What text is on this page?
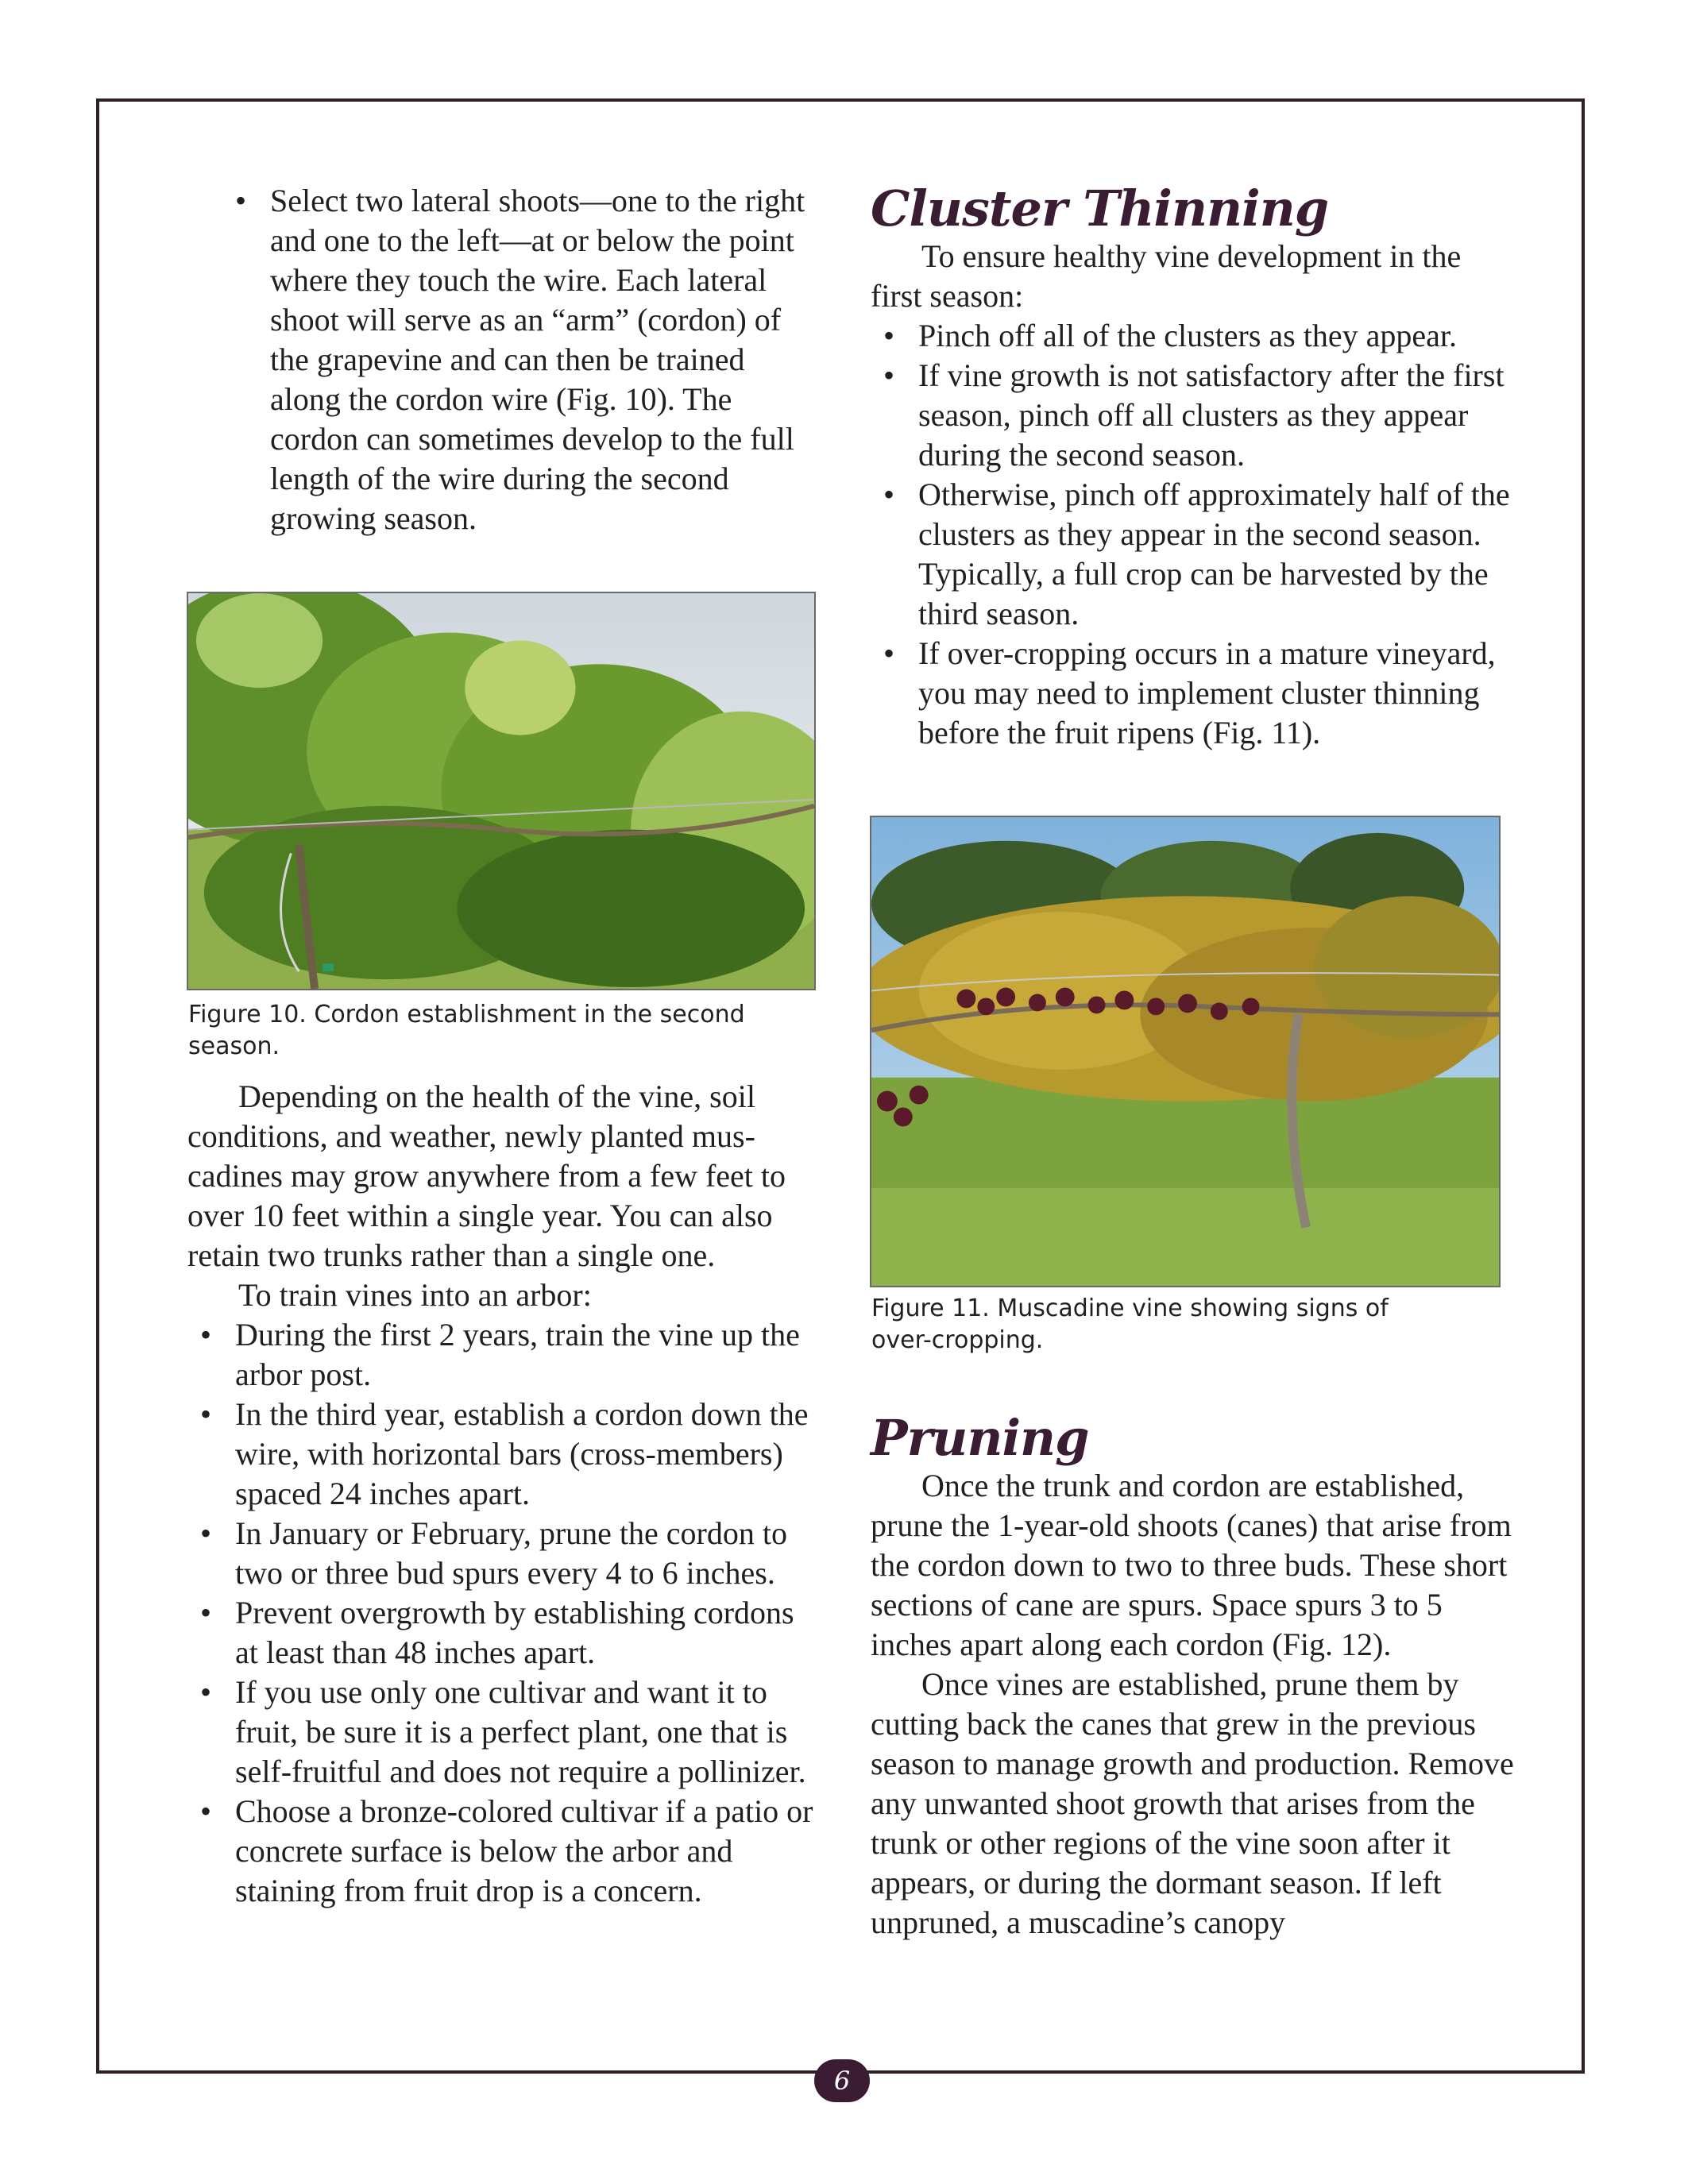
• Select two lateral shoots—one to the right and one to the left—at or below the point where they touch the wire. Each lateral shoot will serve as an “arm” (cordon) of the grapevine and can then be trained along the cordon wire (Fig. 10). The cordon can sometimes develop to the full length of the wire during the second growing season.
Figure 10. Cordon establishment in the second season.

Depending on the health of the vine, soil conditions, and weather, newly planted muscadines may grow anywhere from a few feet to over 10 feet within a single year. You can also retain two trunks rather than a single one.

To train vines into an arbor:

• During the first 2 years, train the vine up the arbor post.
• In the third year, establish a cordon down the wire, with horizontal bars (cross-members) spaced 24 inches apart.
• In January or February, prune the cordon to two or three bud spurs every 4 to 6 inches.
• Prevent overgrowth by establishing cordons at least than 48 inches apart.
• If you use only one cultivar and want it to fruit, be sure it is a perfect plant, one that is self-fruitful and does not require a pollinizer.
• Choose a bronze-colored cultivar if a patio or concrete surface is below the arbor and staining from fruit drop is a concern.
Cluster Thinning

To ensure healthy vine development in the first season:

• Pinch off all of the clusters as they appear.
• If vine growth is not satisfactory after the first season, pinch off all clusters as they appear during the second season.
• Otherwise, pinch off approximately half of the clusters as they appear in the second season. Typically, a full crop can be harvested by the third season.
• If over-cropping occurs in a mature vineyard, you may need to implement cluster thinning before the fruit ripens (Fig. 11).
Figure 11. Muscadine vine showing signs of
over-cropping.
Pruning

Once the trunk and cordon are established, prune the 1-year-old shoots (canes) that arise from the cordon down to two to three buds. These short sections of cane are spurs. Space spurs 3 to 5 inches apart along each cordon (Fig. 12).

Once vines are established, prune them by cutting back the canes that grew in the previous season to manage growth and production. Remove any unwanted shoot growth that arises from the trunk or other regions of the vine soon after it appears, or during the dormant season. If left unpruned, a muscadine’s canopy

6
